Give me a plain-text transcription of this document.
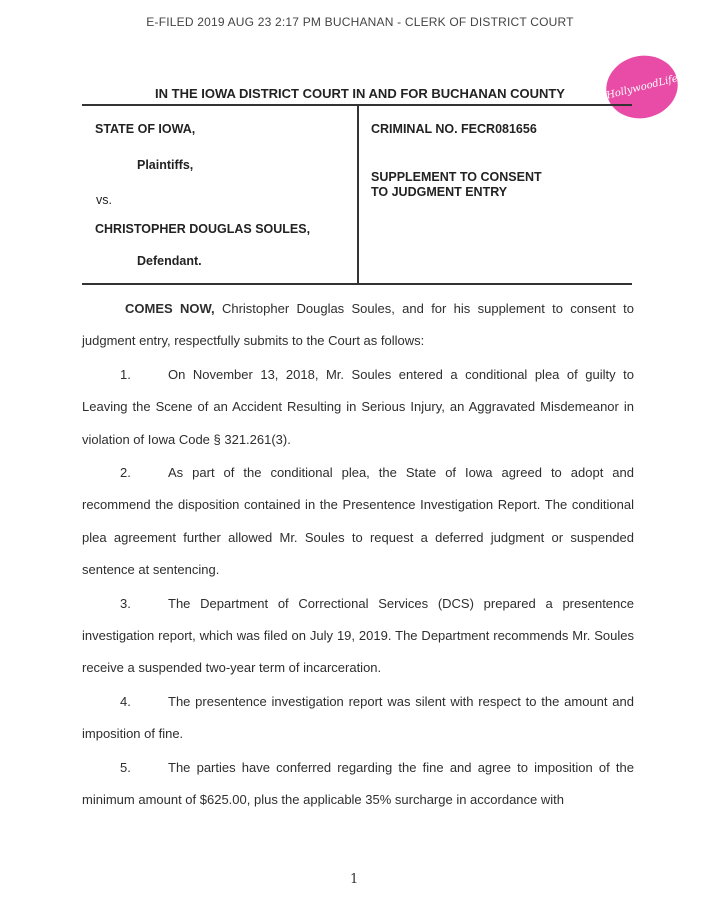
E-FILED 2019 AUG 23 2:17 PM BUCHANAN - CLERK OF DISTRICT COURT
HollywoodLife
IN THE IOWA DISTRICT COURT IN AND FOR BUCHANAN COUNTY
STATE OF IOWA,
Plaintiffs,
vs.
CHRISTOPHER DOUGLAS SOULES,
Defendant.
CRIMINAL NO. FECR081656
SUPPLEMENT TO CONSENT
TO JUDGMENT ENTRY

COMES NOW, Christopher Douglas Soules, and for his supplement to consent to judgment entry, respectfully submits to the Court as follows:

1.	On November 13, 2018, Mr. Soules entered a conditional plea of guilty to Leaving the Scene of an Accident Resulting in Serious Injury, an Aggravated Misdemeanor in violation of Iowa Code § 321.261(3).

2.	As part of the conditional plea, the State of Iowa agreed to adopt and recommend the disposition contained in the Presentence Investigation Report. The conditional plea agreement further allowed Mr. Soules to request a deferred judgment or suspended sentence at sentencing.

3.	The Department of Correctional Services (DCS) prepared a presentence investigation report, which was filed on July 19, 2019. The Department recommends Mr. Soules receive a suspended two-year term of incarceration.

4.	The presentence investigation report was silent with respect to the amount and imposition of fine.

5.	The parties have conferred regarding the fine and agree to imposition of the minimum amount of $625.00, plus the applicable 35% surcharge in accordance with

1
